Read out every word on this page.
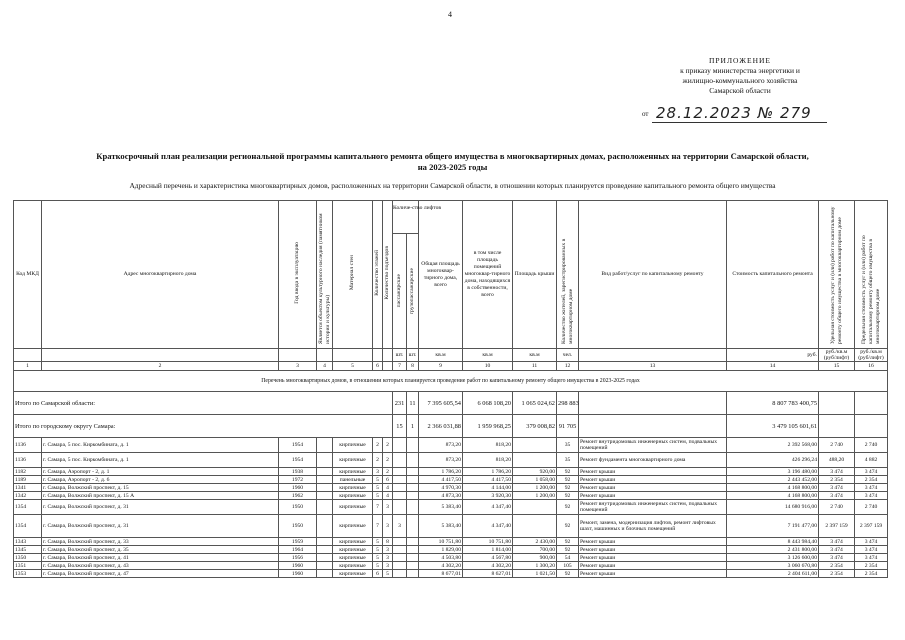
4
ПРИЛОЖЕНИЕ
к приказу министерства энергетики и
жилищно-коммунального хозяйства
Самарской области
от 28.12.2023 № 279
Краткосрочный план реализации региональной программы капитального ремонта общего имущества в многоквартирных домах, расположенных на территории Самарской области,
на 2023-2025 годы
Адресный перечень и характеристика многоквартирных домов, расположенных на территории Самарской области, в отношении которых планируется проведение капитального ремонта общего имущества
Код МКД	Адрес многоквартирного дома	Год ввода в эксплуатацию	Является объектом культурного наследия (памятником истории и культуры)	Материал стен	Количество этажей	Количество подъездов	Количе-ство лифтов
пассажирские грузопассажирские		Общая площадь многоквар-тирного дома, всего	в том числе площадь помещений многоквар-тирного дома, находящихся в собственности, всего	Площадь крыши	Количество жителей, зарегистрированных в многоквартирном доме	Вид работ/услуг по капитальному ремонту	Стоимость капитального ремонта	Удельная стоимость услуг и (или) работ по капитальному ремонту общего имущества в многоквартирном доме	Предельная стоимость услуг и (или) работ по капитальному ремонту общего имущества в многоквартирном доме
							шт.	шт.	кв.м	кв.м	кв.м	чел.		руб.	руб./кв.м (руб/лифт)	руб./кв.м (руб/лифт)
1	2	3	4	5	6		7	8	9	10	11	12	13	14	15	16
Перечень многоквартирных домов, в отношении которых планируется проведение работ по капитальному ремонту общего имущества в 2023-2025 годах																
Итого по Самарской области:							231	11	7 395 605,54	6 068 108,20	1 065 024,62	298 883		8 807 783 400,75		
Итого по городскому округу Самара:							15	1	2 366 031,88	1 959 968,25	379 008,82	91 705		3 479 105 601,61		
1136	г. Самара, 5 пос. Киркомбината, д. 1	1954		кирпичные	2	2			873,20	818,20		35	Ремонт внутридомовых инженерных систем, подвальных помещений	2 392 568,00	2 740	2 740
1136	г. Самара, 5 пос. Киркомбината, д. 1	1954		кирпичные	2	2			873,20	818,20		35	Ремонт фундамента многоквартирного дома	426 296,24	488,20	4 882
1182	г. Самара, Аэропорт - 2, д. 1	1938		кирпичные	3	2			1 786,20	1 786,20	920,00	92	Ремонт крыши	3 196 480,00	3 474	3 474
1189	г. Самара, Аэропорт - 2, д. 6	1972		панельные	5	6			4 417,50	4 417,50	1 058,00	92	Ремонт крыши	2 443 452,00	2 354	2 354
1341	г. Самара, Волжский проспект, д. 15	1960		кирпичные	5	4			4 970,30	4 144,00	1 200,00	92	Ремонт крыши	4 168 800,00	3 474	3 474
1342	г. Самара, Волжский проспект, д. 15 А	1962		кирпичные	5	4			4 873,30	3 920,30	1 200,00	92	Ремонт крыши	4 168 800,00	3 474	3 474
1354	г. Самара, Волжский проспект, д. 31	1950		кирпичные	7	3			5 383,40	4 347,40		92	Ремонт внутридомовых инженерных систем, подвальных помещений	14 680 916,00	2 740	2 740
1354	г. Самара, Волжский проспект, д. 31	1950		кирпичные	7	3	3		5 383,40	4 347,40		92	Ремонт, замена, модернизация лифтов, ремонт лифтовых шахт, машинных и блочных помещений	7 191 477,00	2 397 159	2 397 159
1343	г. Самара, Волжский проспект, д. 33	1959		кирпичные	5	8			10 751,80	10 751,80	2 430,00	92	Ремонт крыши	8 443 984,40	3 474	3 474
1345	г. Самара, Волжский проспект, д. 35	1964		кирпичные	5	3			1 829,00	1 814,00	700,00	92	Ремонт крыши	2 431 800,00	3 474	3 474
1350	г. Самара, Волжский проспект, д. 41	1956		кирпичные	5	3			4 503,80	4 567,80	900,00	54	Ремонт крыши	3 126 600,00	3 474	3 474
1351	г. Самара, Волжский проспект, д. 43	1960		кирпичные	5	3			4 302,20	4 302,20	1 300,20	105	Ремонт крыши	3 060 670,80	2 354	2 354
1353	г. Самара, Волжский проспект, д. 47	1960		кирпичные	6	5			8 677,01	8 627,01	1 021,50	92	Ремонт крыши	2 404 611,00	2 354	2 354
